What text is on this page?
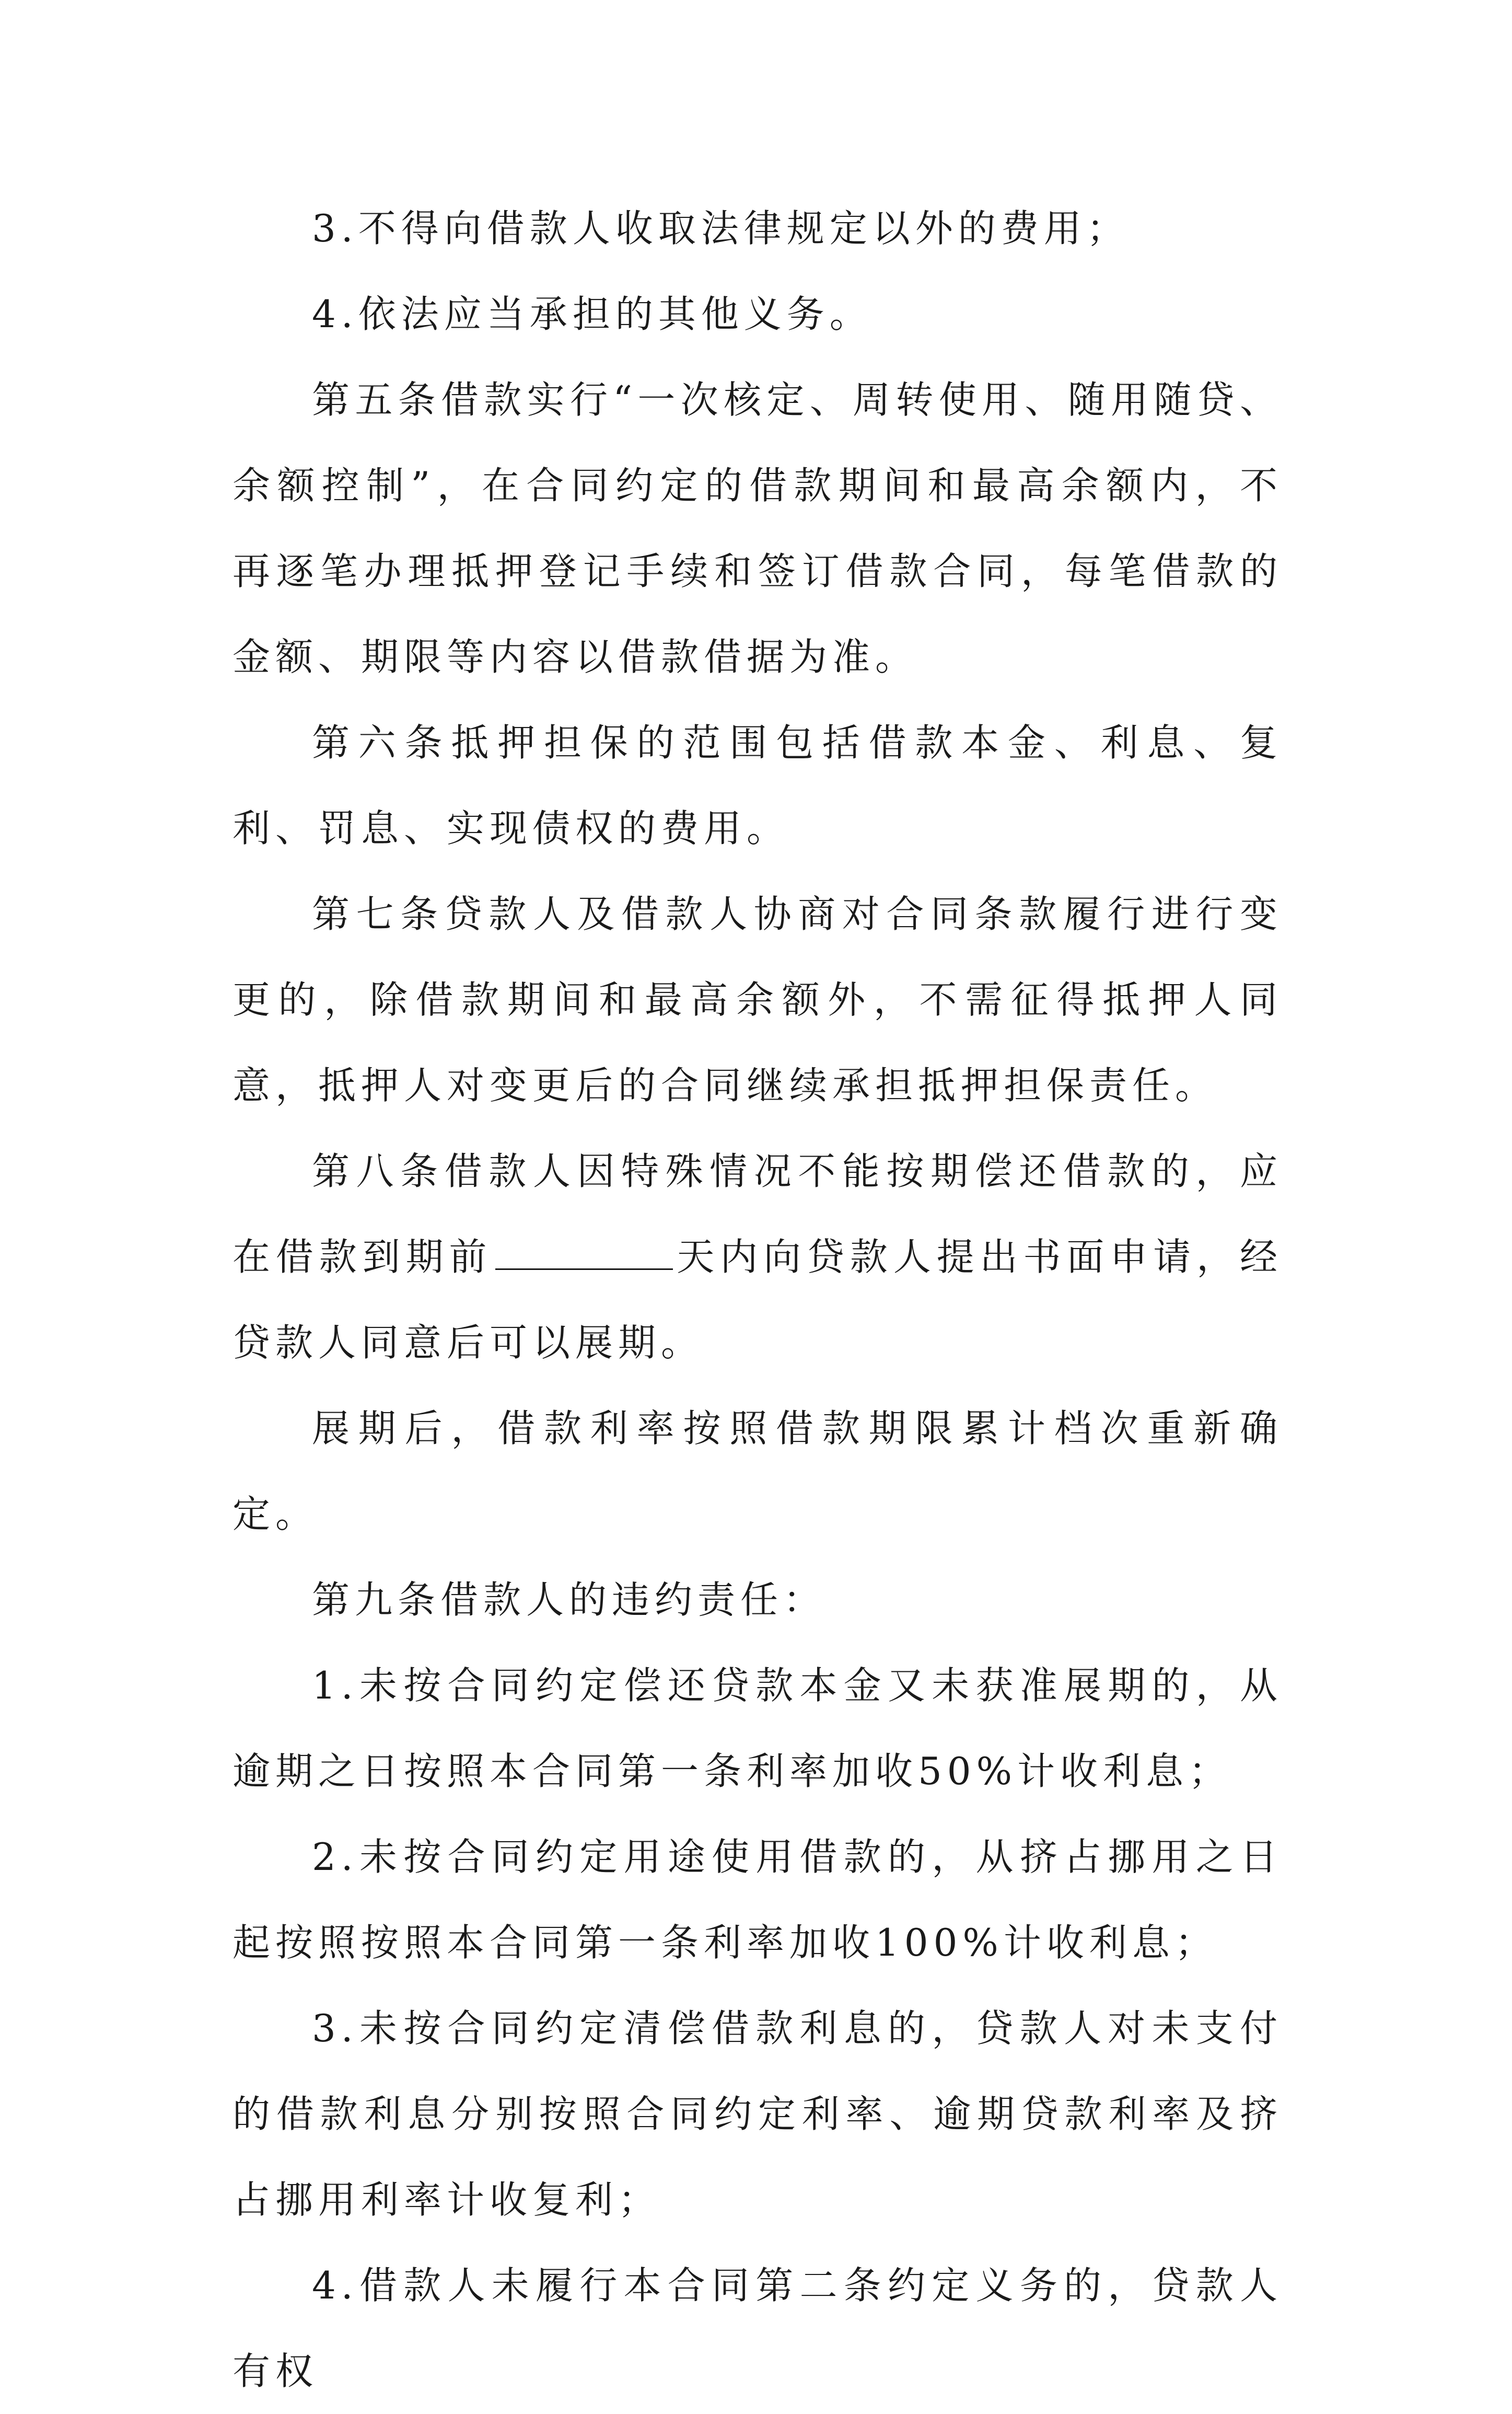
3.不得向借款人收取法律规定以外的费用；

4.依法应当承担的其他义务。

第五条借款实行“一次核定、周转使用、随用随贷、余额控制”，在合同约定的借款期间和最高余额内，不再逐笔办理抵押登记手续和签订借款合同，每笔借款的金额、期限等内容以借款借据为准。

第六条抵押担保的范围包括借款本金、利息、复利、罚息、实现债权的费用。

第七条贷款人及借款人协商对合同条款履行进行变更的，除借款期间和最高余额外，不需征得抵押人同意，抵押人对变更后的合同继续承担抵押担保责任。

第八条借款人因特殊情况不能按期偿还借款的，应在借款到期前	天内向贷款人提出书面申请，经贷款人同意后可以展期。

展期后，借款利率按照借款期限累计档次重新确定。

第九条借款人的违约责任：

1.未按合同约定偿还贷款本金又未获准展期的，从逾期之日按照本合同第一条利率加收50%计收利息；

2.未按合同约定用途使用借款的，从挤占挪用之日起按照按照本合同第一条利率加收100%计收利息；

3.未按合同约定清偿借款利息的，贷款人对未支付的借款利息分别按照合同约定利率、逾期贷款利率及挤占挪用利率计收复利；

4.借款人未履行本合同第二条约定义务的，贷款人有权
